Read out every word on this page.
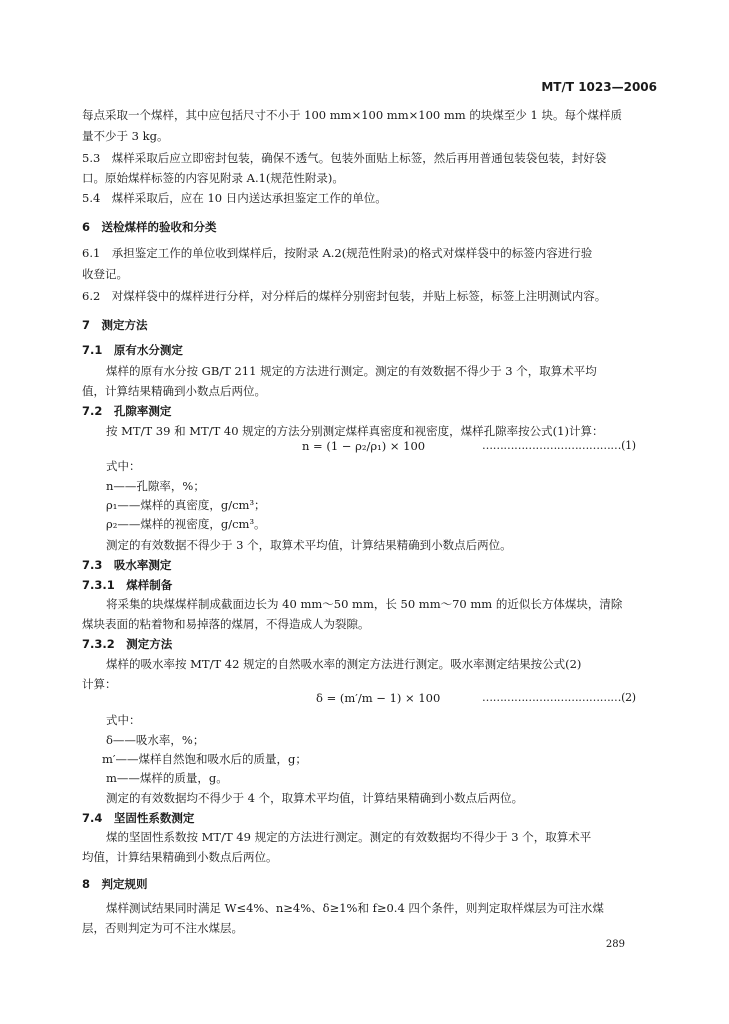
MT/T 1023—2006
每点采取一个煤样，其中应包括尺寸不小于 100 mm×100 mm×100 mm 的块煤至少 1 块。每个煤样质
量不少于 3 kg。
5.3　煤样采取后应立即密封包装，确保不透气。包装外面贴上标签，然后再用普通包装袋包装，封好袋
口。原始煤样标签的内容见附录 A.1(规范性附录)。
5.4　煤样采取后，应在 10 日内送达承担鉴定工作的单位。
6　送检煤样的验收和分类
6.1　承担鉴定工作的单位收到煤样后，按附录 A.2(规范性附录)的格式对煤样袋中的标签内容进行验
收登记。
6.2　对煤样袋中的煤样进行分样，对分样后的煤样分别密封包装，并贴上标签，标签上注明测试内容。
7　测定方法
7.1　原有水分测定
煤样的原有水分按 GB/T 211 规定的方法进行测定。测定的有效数据不得少于 3 个，取算术平均
值，计算结果精确到小数点后两位。
7.2　孔隙率测定
按 MT/T 39 和 MT/T 40 规定的方法分别测定煤样真密度和视密度，煤样孔隙率按公式(1)计算：
n = (1 − ρ₂/ρ₁) × 100	…………………………………(1)
式中：
n——孔隙率，%；
ρ₁——煤样的真密度，g/cm³；
ρ₂——煤样的视密度，g/cm³。
测定的有效数据不得少于 3 个，取算术平均值，计算结果精确到小数点后两位。
7.3　吸水率测定
7.3.1　煤样制备
将采集的块煤煤样制成截面边长为 40 mm～50 mm，长 50 mm～70 mm 的近似长方体煤块，清除
煤块表面的粘着物和易掉落的煤屑，不得造成人为裂隙。
7.3.2　测定方法
煤样的吸水率按 MT/T 42 规定的自然吸水率的测定方法进行测定。吸水率测定结果按公式(2)
计算：
δ = (m′/m − 1) × 100	…………………………………(2)
式中：
δ——吸水率，%；
m′——煤样自然饱和吸水后的质量，g；
m——煤样的质量，g。
测定的有效数据均不得少于 4 个，取算术平均值，计算结果精确到小数点后两位。
7.4　坚固性系数测定
煤的坚固性系数按 MT/T 49 规定的方法进行测定。测定的有效数据均不得少于 3 个，取算术平
均值，计算结果精确到小数点后两位。
8　判定规则
煤样测试结果同时满足 W≤4%、n≥4%、δ≥1%和 f≥0.4 四个条件，则判定取样煤层为可注水煤
层，否则判定为可不注水煤层。
289
